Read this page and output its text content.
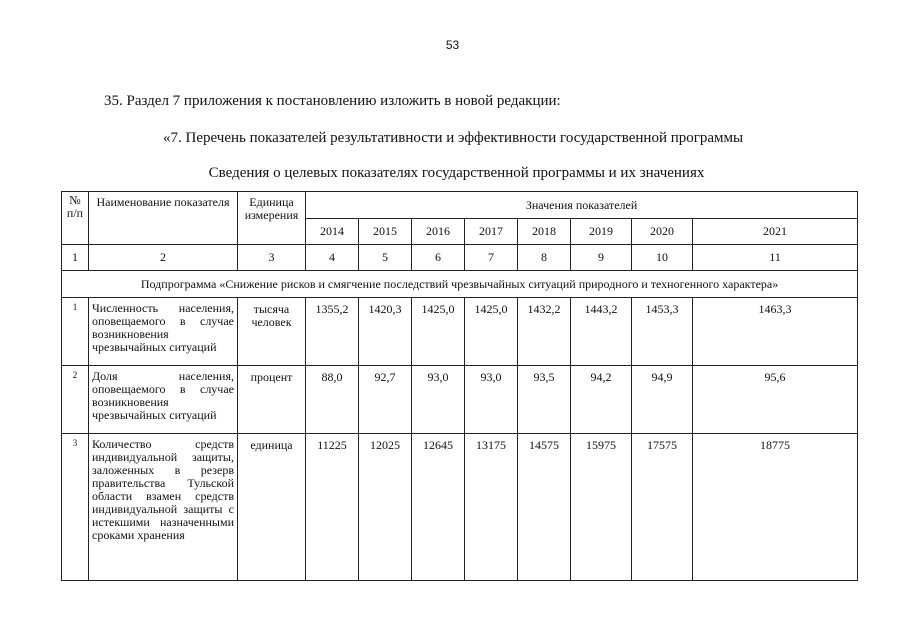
53
35. Раздел 7 приложения к постановлению изложить в новой редакции:
«7. Перечень показателей результативности и эффективности государственной программы
Сведения о целевых показателях государственной программы и их значениях
№ п/п	Наименование показателя	Единица измерения	Значения показателей							
			2014	2015	2016	2017	2018	2019	2020	2021
1	2	3	4	5	6	7	8	9	10	11
Подпрограмма «Снижение рисков и смягчение последствий чрезвычайных ситуаций природного и техногенного характера»										
1	Численность населения, оповещаемого в случае возникновения чрезвычайных ситуаций	тысяча человек	1355,2	1420,3	1425,0	1425,0	1432,2	1443,2	1453,3	1463,3
2	Доля населения, оповещаемого в случае возникновения чрезвычайных ситуаций	процент	88,0	92,7	93,0	93,0	93,5	94,2	94,9	95,6
3	Количество средств индивидуальной защиты, заложенных в резерв правительства Тульской области взамен средств индивидуальной защиты с истекшими назначенными сроками хранения	единица	11225	12025	12645	13175	14575	15975	17575	18775
